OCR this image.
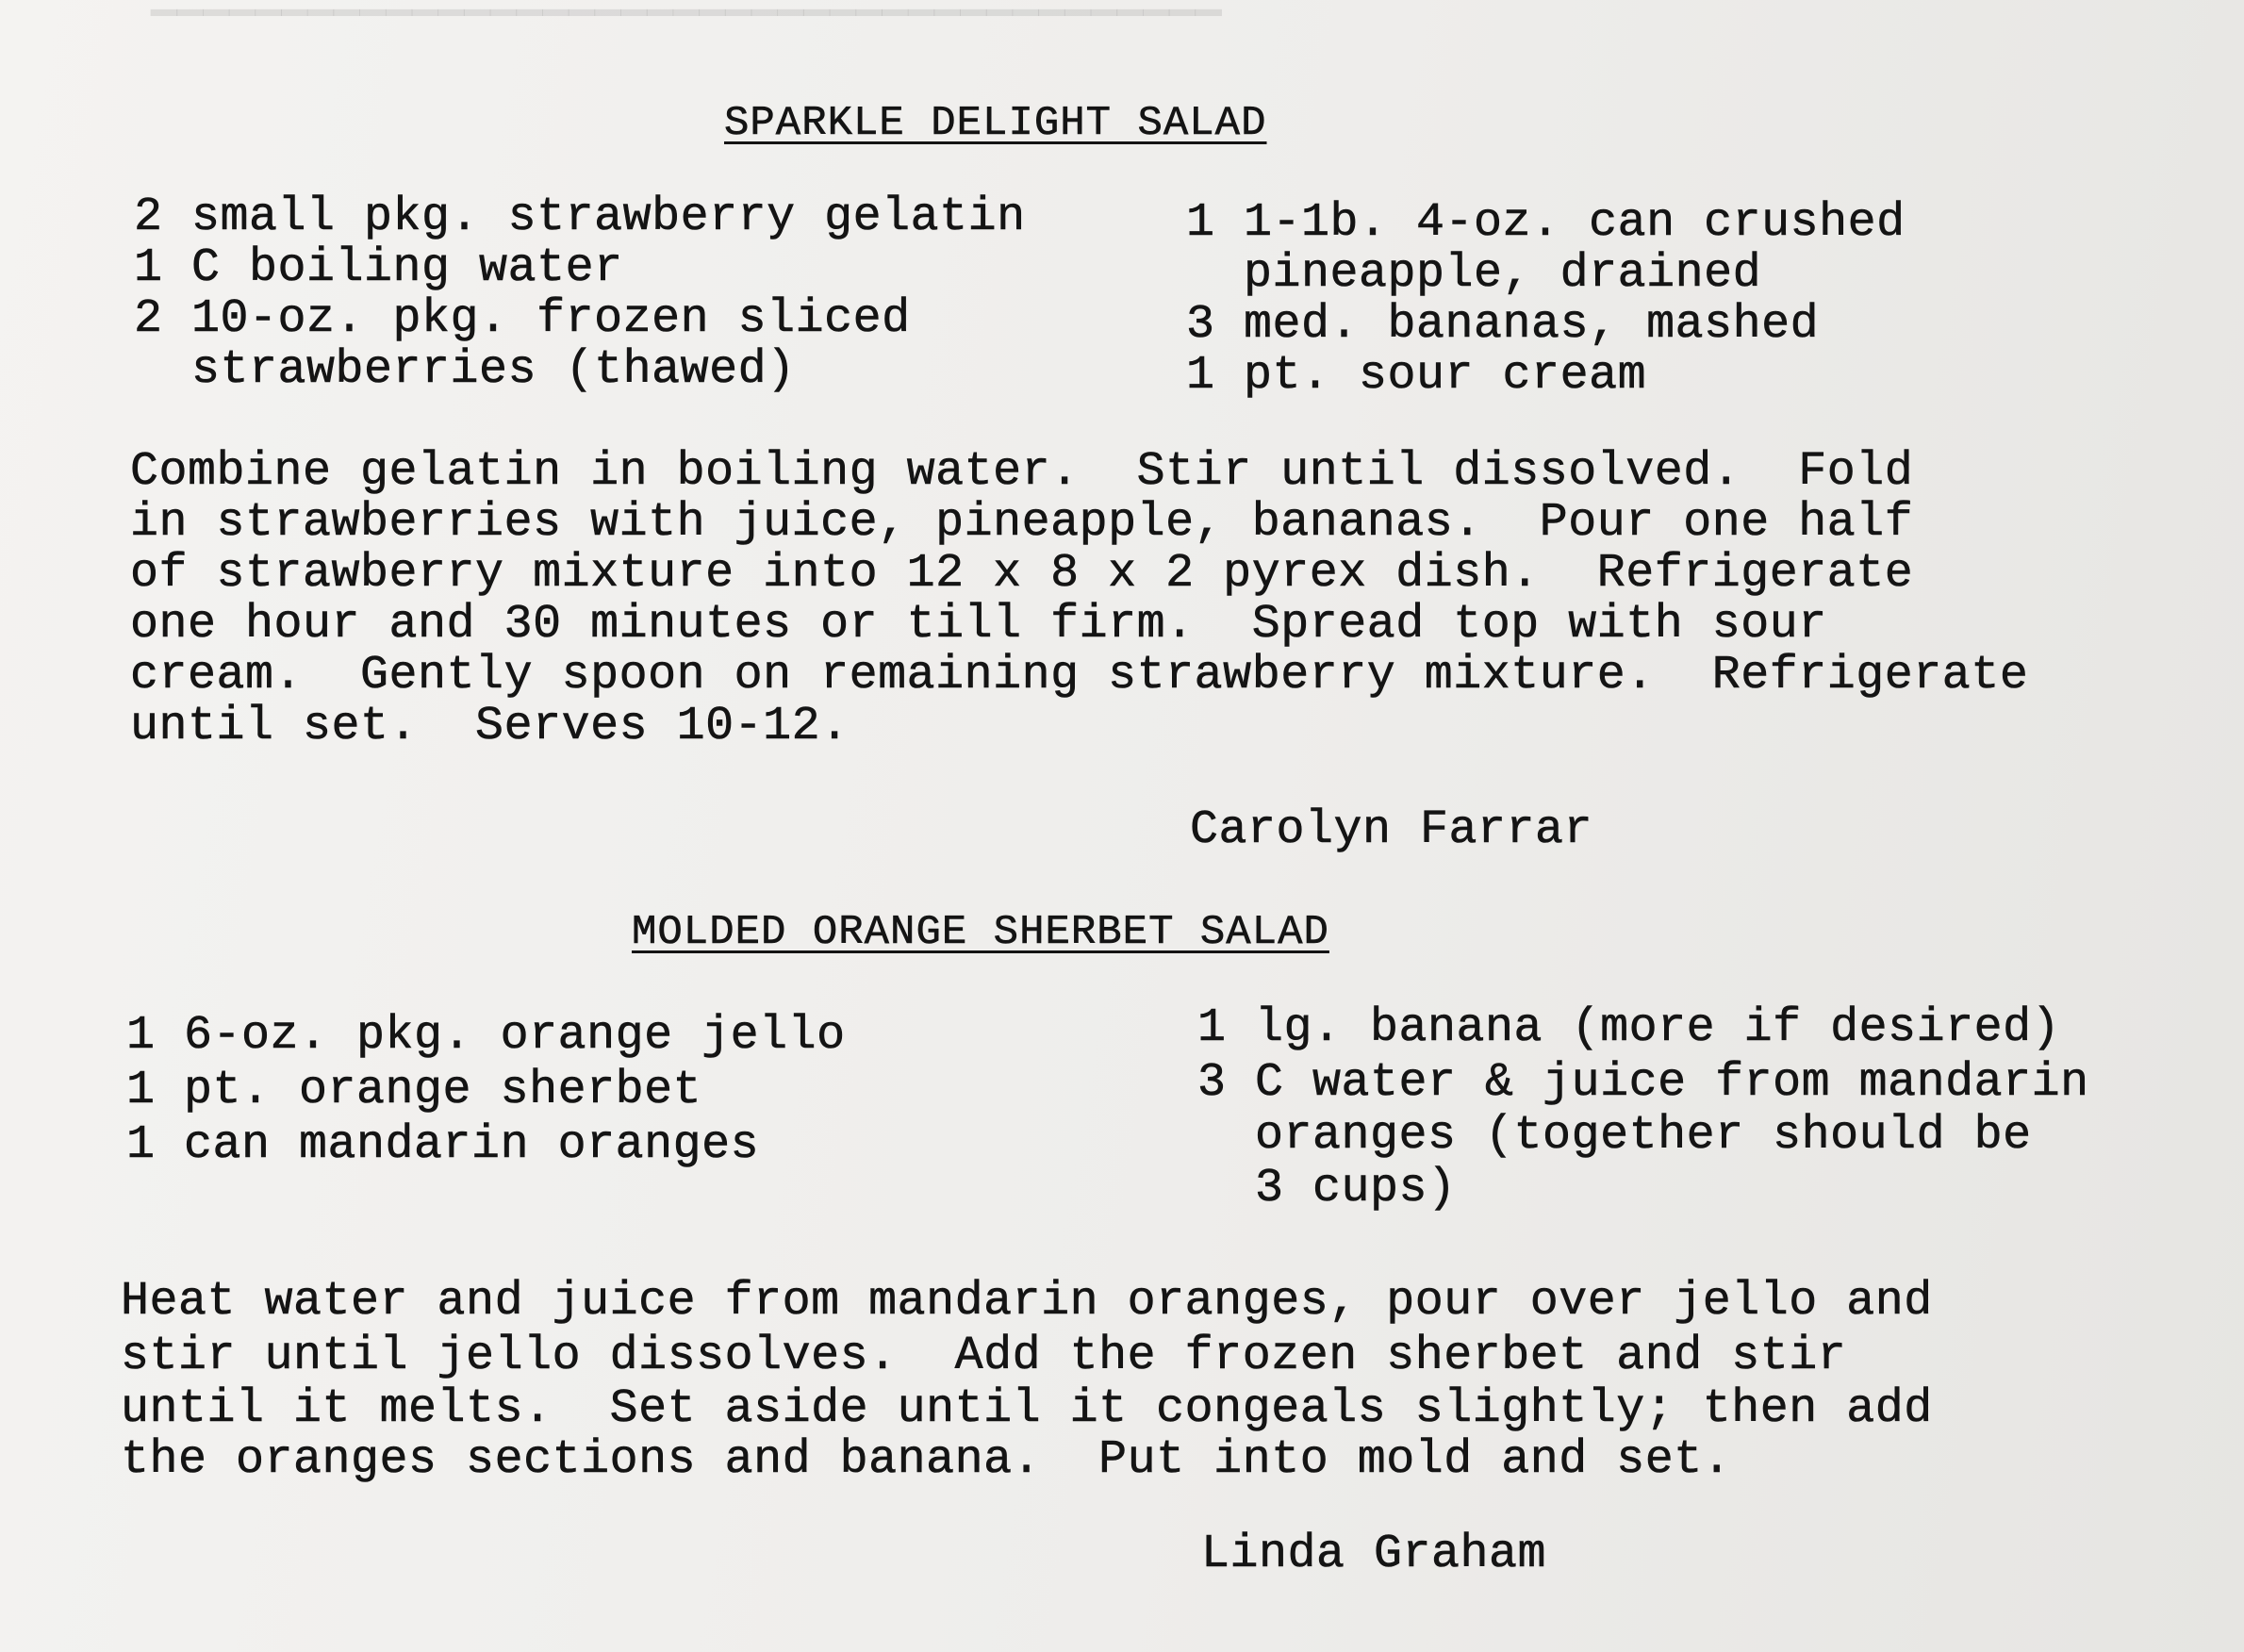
▔▔▔▔▔▔▔▔▔▔▔▔▔▔▔▔▔▔▔▔▔▔▔▔▔▔▔▔▔▔▔▔▔▔▔▔▔▔▔▔▔
SPARKLE DELIGHT SALAD
2 small pkg. strawberry gelatin
1 C boiling water
2 10-oz. pkg. frozen sliced
strawberries (thawed)
1 1-1b. 4-oz. can crushed
pineapple, drained
3 med. bananas, mashed
1 pt. sour cream
Combine gelatin in boiling water.  Stir until dissolved.  Fold
in strawberries with juice, pineapple, bananas.  Pour one half
of strawberry mixture into 12 x 8 x 2 pyrex dish.  Refrigerate
one hour and 30 minutes or till firm.  Spread top with sour
cream.  Gently spoon on remaining strawberry mixture.  Refrigerate
until set.  Serves 10-12.
Carolyn Farrar
MOLDED ORANGE SHERBET SALAD
1 6-oz. pkg. orange jello
1 pt. orange sherbet
1 can mandarin oranges
1 lg. banana (more if desired)
3 C water & juice from mandarin
oranges (together should be
3 cups)
Heat water and juice from mandarin oranges, pour over jello and
stir until jello dissolves.  Add the frozen sherbet and stir
until it melts.  Set aside until it congeals slightly; then add
the oranges sections and banana.  Put into mold and set.
Linda Graham
